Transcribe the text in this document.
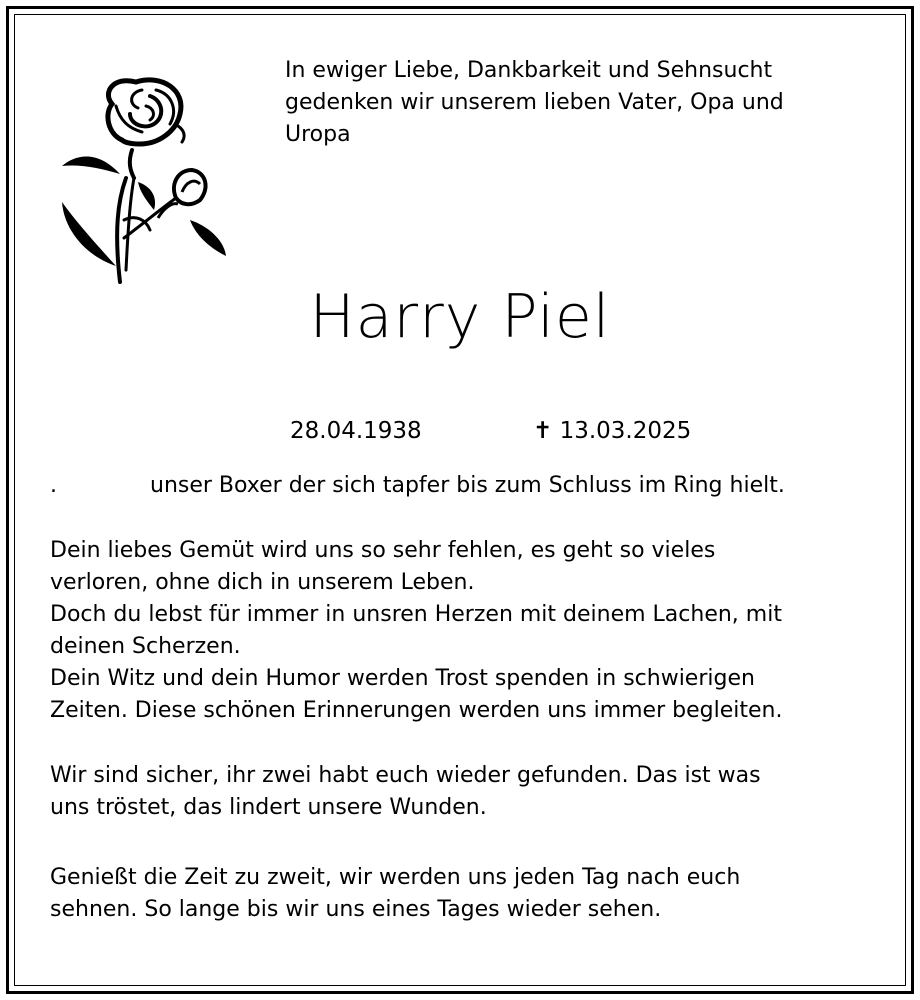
In ewiger Liebe, Dankbarkeit und Sehnsucht
gedenken wir unserem lieben Vater, Opa und
Uropa
Harry Piel
28.04.1938	✝ 13.03.2025
.	unser Boxer der sich tapfer bis zum Schluss im Ring hielt.
Dein liebes Gemüt wird uns so sehr fehlen, es geht so vieles
verloren, ohne dich in unserem Leben.
Doch du lebst für immer in unsren Herzen mit deinem Lachen, mit
deinen Scherzen.
Dein Witz und dein Humor werden Trost spenden in schwierigen
Zeiten. Diese schönen Erinnerungen werden uns immer begleiten.
Wir sind sicher, ihr zwei habt euch wieder gefunden. Das ist was
uns tröstet, das lindert unsere Wunden.
Genießt die Zeit zu zweit, wir werden uns jeden Tag nach euch
sehnen. So lange bis wir uns eines Tages wieder sehen.
